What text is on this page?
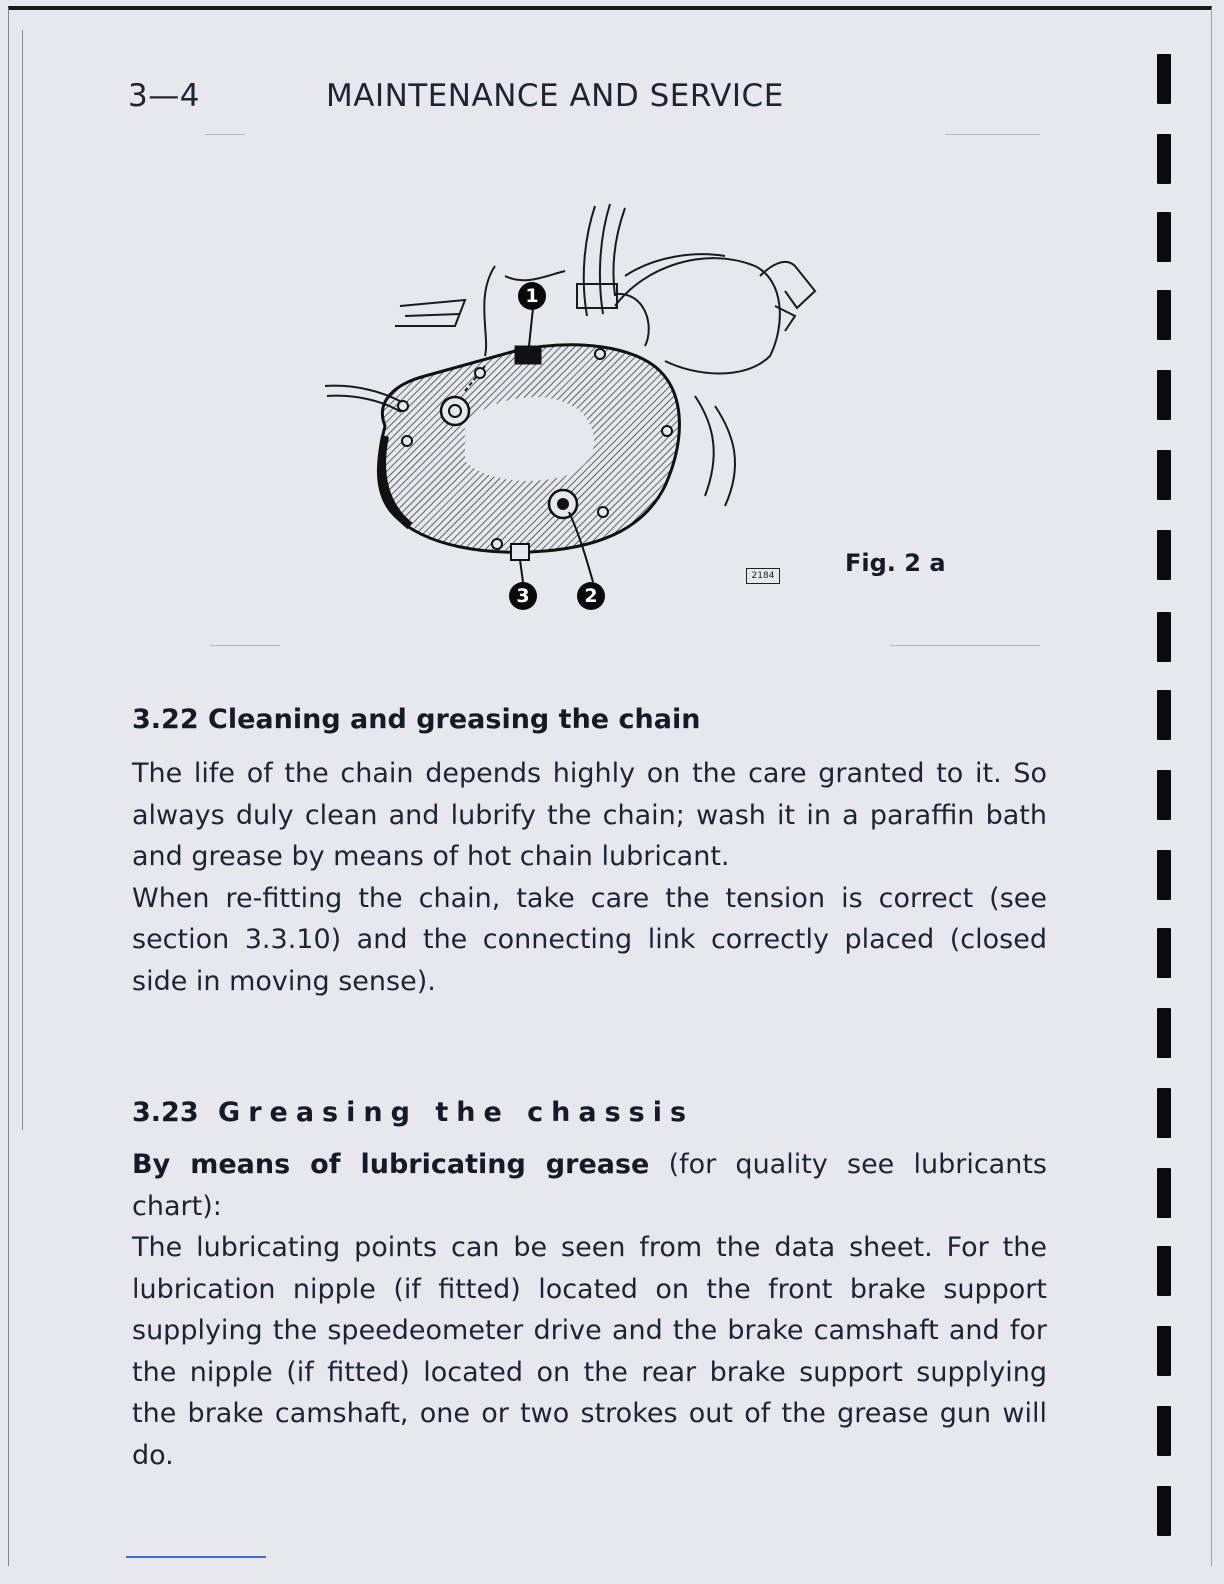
3—4	MAINTENANCE AND SERVICE
1
2
3
2184	Fig. 2 a
3.22 Cleaning and greasing the chain

The life of the chain depends highly on the care granted to it. So always duly clean and lubrify the chain; wash it in a paraffin bath and grease by means of hot chain lubricant.

When re-fitting the chain, take care the tension is correct (see section 3.3.10) and the connecting link correctly placed (closed side in moving sense).

3.23 Greasing the chassis

By means of lubricating grease (for quality see lubricants chart):

The lubricating points can be seen from the data sheet. For the lubrication nipple (if fitted) located on the front brake support supplying the speedeometer drive and the brake camshaft and for the nipple (if fitted) located on the rear brake support supplying the brake camshaft, one or two strokes out of the grease gun will do.
